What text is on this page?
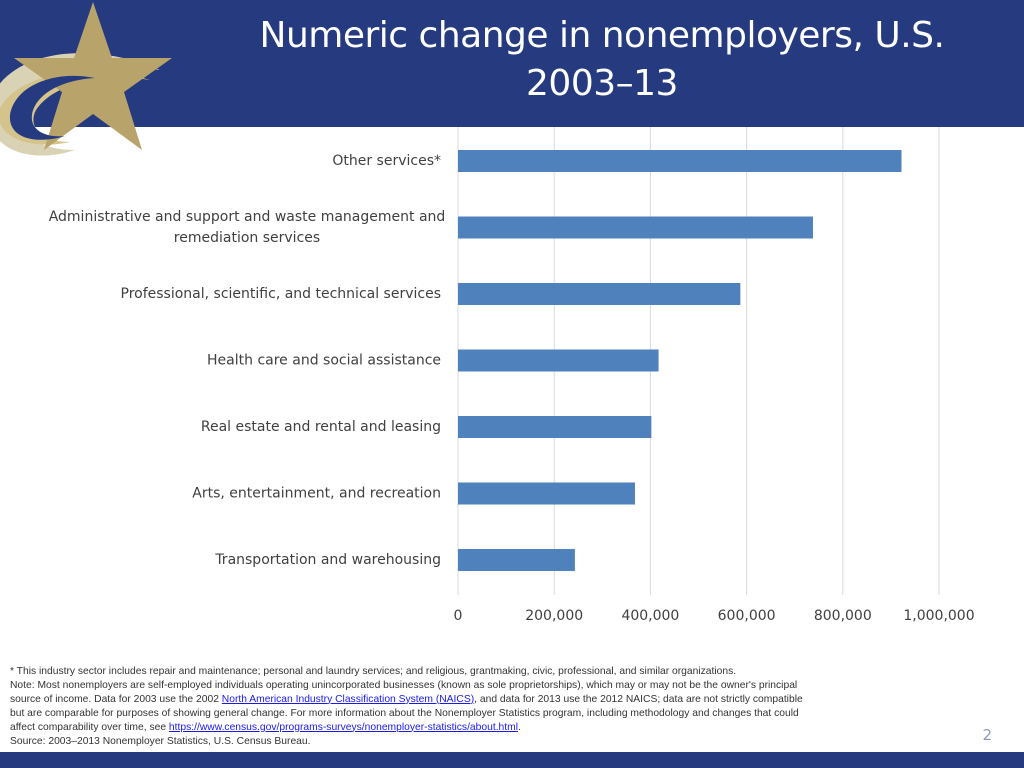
Numeric change in nonemployers, U.S.
2003–13
Other services*
Administrative and support and waste management and
remediation services
Professional, scientific, and technical services
Health care and social assistance
Real estate and rental and leasing
Arts, entertainment, and recreation
Transportation and warehousing
0	200,000	400,000	600,000	800,000 1,000,000

* This industry sector includes repair and maintenance; personal and laundry services; and religious, grantmaking, civic, professional, and similar organizations.

Note: Most nonemployers are self-employed individuals operating unincorporated businesses (known as sole proprietorships), which may or may not be the owner's principal

source of income. Data for 2003 use the 2002 North American Industry Classification System (NAICS), and data for 2013 use the 2012 NAICS; data are not strictly compatible

but are comparable for purposes of showing general change. For more information about the Nonemployer Statistics program, including methodology and changes that could

affect comparability over time, see https://www.census.gov/programs-surveys/nonemployer-statistics/about.html.

Source: 2003–2013 Nonemployer Statistics, U.S. Census Bureau.	2
